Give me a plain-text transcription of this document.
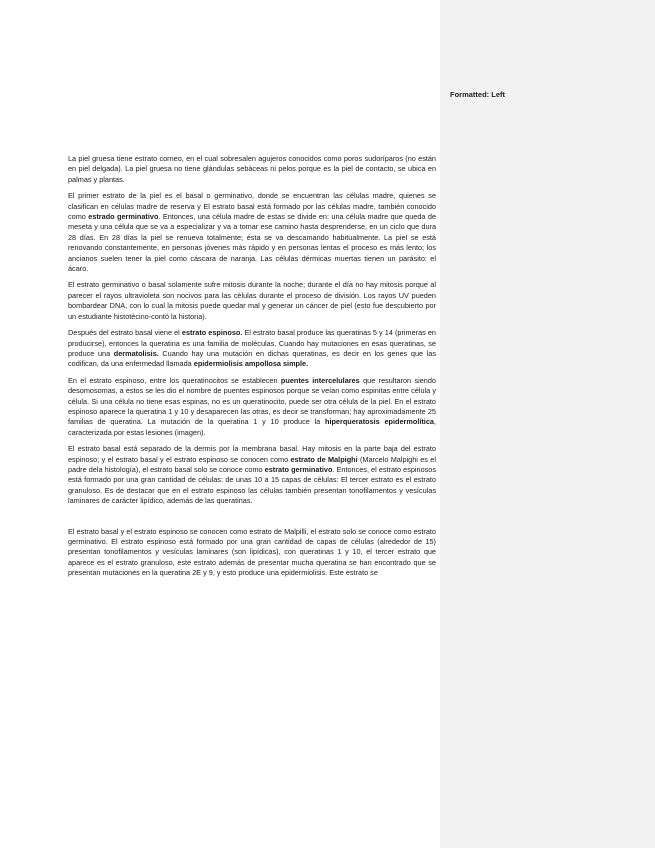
Formatted: Left

La piel gruesa tiene estrato corneo, en el cual sobresalen agujeros conocidos como poros sudoríparos (no están en piel delgada). La piel gruesa no tiene glándulas sebáceas ni pelos porque es la piel de contacto, se ubica en palmas y plantas.

El primer estrato de la piel es el basal o germinativo, donde se encuentran las células madre, quienes se clasifican en células madre de reserva y El estrato basal está formado por las células madre, también conocido como estrado germinativo. Entonces, una célula madre de estas se divide en: una célula madre que queda de meseta y una célula que se va a especializar y va a tomar ese camino hasta desprenderse, en un ciclo que dura 28 días. En 28 días la piel se renueva totalmente; ésta se va descamando habitualmente. La piel se está renovando constantemente, en personas jóvenes más rápido y en personas lentas el proceso es más lento; los ancianos suelen tener la piel como cáscara de naranja. Las células dérmicas muertas tienen un parásito: el ácaro.

El estrato germinativo o basal solamente sufre mitosis durante la noche; durante el día no hay mitosis porque al parecer el rayos ultravioleta son nocivos para las células durante el proceso de división. Los rayos UV pueden bombardear DNA, con lo cual la mitosis puede quedar mal y generar un cáncer de piel (esto fue descubierto por un estudiante histotécino-contó la historia).

Después del estrato basal viene el estrato espinoso. El estrato basal produce las queratinas 5 y 14 (primeras en producirse), entonces la queratina es una familia de moléculas. Cuando hay mutaciones en esas queratinas, se produce una dermatolisis. Cuando hay una mutación en dichas queratinas, es decir en los genes que las codifican, da una enfermedad llamada epidermiolisis ampollosa simple.

En el estrato espinoso, entre los queratinocitos se establecen puentes intercelulares que resultaron siendo desomosomas, a estos se les dio el nombre de puentes espinosos porque se veían como espinitas entre célula y célula. Si una célula no tiene esas espinas, no es un queratinocito, puede ser otra célula de la piel. En el estrato espinoso aparece la queratina 1 y 10 y desaparecen las otras, es decir se transforman; hay aproximadamente 25 familias de queratina. La mutación de la queratina 1 y 10 produce la hiperqueratosis epidermolítica, caracterizada por estas lesiones (imagen).

El estrato basal está separado de la dermis por la membrana basal. Hay mitosis en la parte baja del estrato espinoso; y el estrato basal y el estrato espinoso se conocen como estrato de Malpighi (Marcelo Malpighi es el padre dela histología), el estrato basal solo se conoce como estrato germinativo. Entonces, el estrato espinosos está formado por una gran cantidad de células: de unas 10 a 15 capas de células: El tercer estrato es el estrato granuloso. Es de destacar que en el estrato espinoso las células también presentan tonofilamentos y vesículas laminares de carácter lipídico, además de las queratinas.

El estrato basal y el estrato espinoso se conocen como estrato de Malpilli, el estrato solo se conoce como estrato germinativo. El estrato espinoso está formado por una gran cantidad de capas de células (alrededor de 15) presentan tonofilamentos y vesículas laminares (son lipídicas), con queratinas 1 y 10, el tercer estrato que aparece es el estrato granuloso, este estrato además de presentar mucha queratina se han encontrado que se presentan mutaciones en la queratina 2E y 9, y esto produce una epidermiolisis. Este estrato se
